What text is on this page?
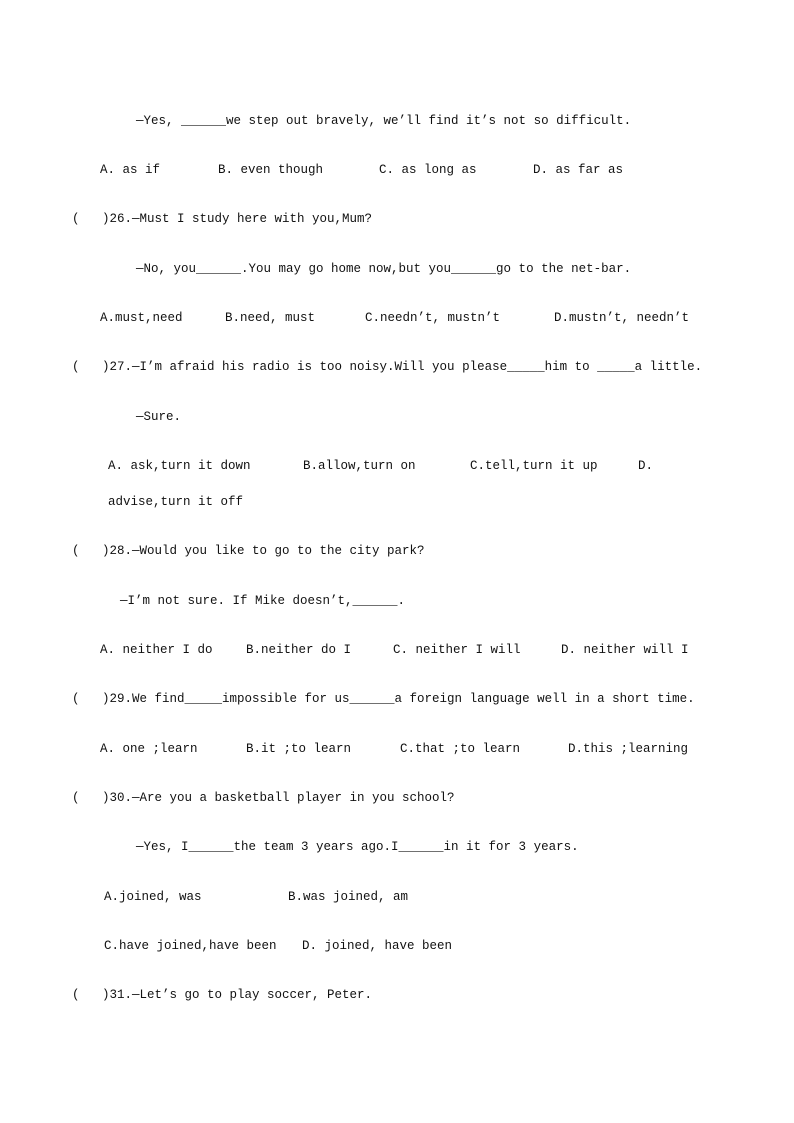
—Yes, ______we step out bravely, we’ll find it’s not so difficult.
A. as if	B. even though	C. as long as	D. as far as
(   )26.—Must I study here with you,Mum?
—No, you______.You may go home now,but you______go to the net-bar.
A.must,need	B.need, must	C.needn’t, mustn’t	D.mustn’t, needn’t
(   )27.—I’m afraid his radio is too noisy.Will you please_____him to _____a little.
—Sure.
A. ask,turn it down	B.allow,turn on	C.tell,turn it up	D.
advise,turn it off
(   )28.—Would you like to go to the city park?
—I’m not sure. If Mike doesn’t,______.
A. neither I do	B.neither do I	C. neither I will	D. neither will I
(   )29.We find_____impossible for us______a foreign language well in a short time.
A. one ;learn	B.it ;to learn	C.that ;to learn	D.this ;learning
(   )30.—Are you a basketball player in you school?
—Yes, I______the team 3 years ago.I______in it for 3 years.
A.joined, was	B.was joined, am
C.have joined,have been D. joined, have been
(   )31.—Let’s go to play soccer, Peter.
